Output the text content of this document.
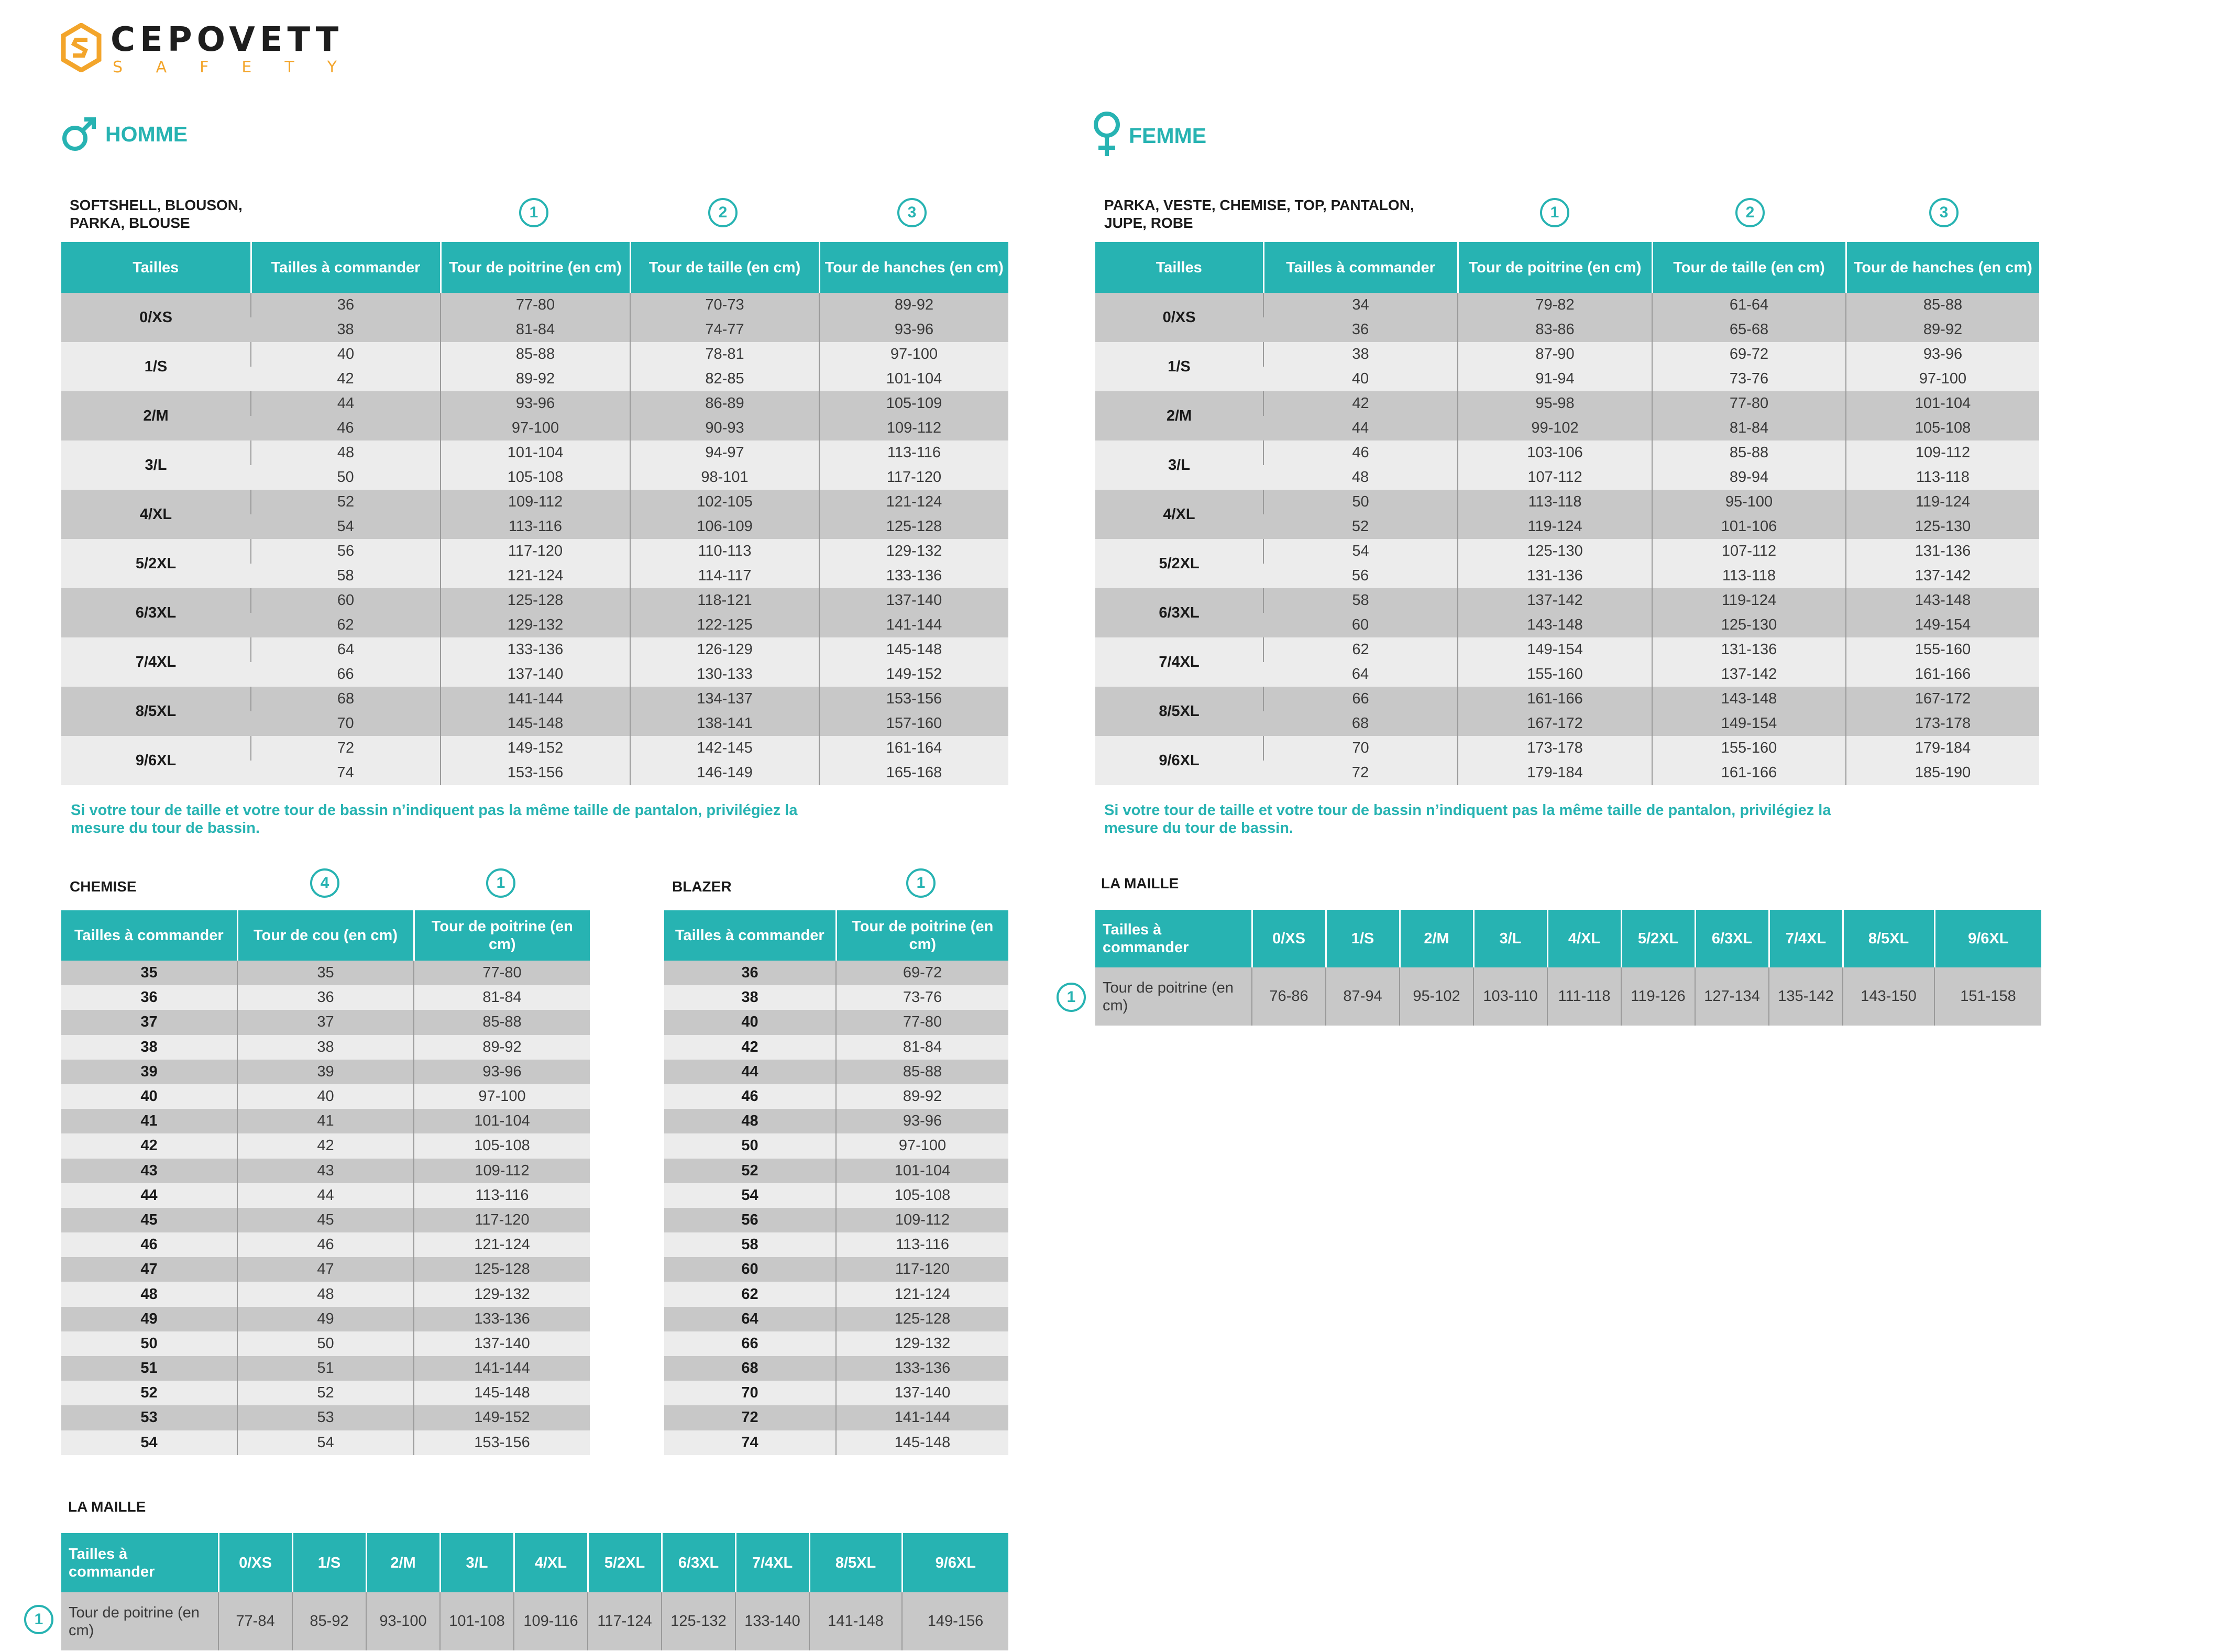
CEPOVETT
SAFETY
HOMME	FEMME
SOFTSHELL, BLOUSON, PARKA, BLOUSE
1	2	3
Tailles	Tailles à commander	Tour de poitrine (en cm)	Tour de taille (en cm)	Tour de hanches (en cm)
0/XS	36	77-80	70-73	89-92
	38	81-84	74-77	93-96
1/S	40	85-88	78-81	97-100
	42	89-92	82-85	101-104
2/M	44	93-96	86-89	105-109
	46	97-100	90-93	109-112
3/L	48	101-104	94-97	113-116
	50	105-108	98-101	117-120
4/XL	52	109-112	102-105	121-124
	54	113-116	106-109	125-128
5/2XL	56	117-120	110-113	129-132
	58	121-124	114-117	133-136
6/3XL	60	125-128	118-121	137-140
	62	129-132	122-125	141-144
7/4XL	64	133-136	126-129	145-148
	66	137-140	130-133	149-152
8/5XL	68	141-144	134-137	153-156
	70	145-148	138-141	157-160
9/6XL	72	149-152	142-145	161-164
	74	153-156	146-149	165-168
Si votre tour de taille et votre tour de bassin n’indiquent pas la même taille de pantalon, privilégiez la mesure du tour de bassin.
PARKA, VESTE, CHEMISE, TOP, PANTALON, JUPE, ROBE
1	2	3
Tailles	Tailles à commander	Tour de poitrine (en cm)	Tour de taille (en cm)	Tour de hanches (en cm)
0/XS	34	79-82	61-64	85-88
	36	83-86	65-68	89-92
1/S	38	87-90	69-72	93-96
	40	91-94	73-76	97-100
2/M	42	95-98	77-80	101-104
	44	99-102	81-84	105-108
3/L	46	103-106	85-88	109-112
	48	107-112	89-94	113-118
4/XL	50	113-118	95-100	119-124
	52	119-124	101-106	125-130
5/2XL	54	125-130	107-112	131-136
	56	131-136	113-118	137-142
6/3XL	58	137-142	119-124	143-148
	60	143-148	125-130	149-154
7/4XL	62	149-154	131-136	155-160
	64	155-160	137-142	161-166
8/5XL	66	161-166	143-148	167-172
	68	167-172	149-154	173-178
9/6XL	70	173-178	155-160	179-184
	72	179-184	161-166	185-190
Si votre tour de taille et votre tour de bassin n’indiquent pas la même taille de pantalon, privilégiez la mesure du tour de bassin.
CHEMISE	4	1
Tailles à commander	Tour de cou (en cm)	Tour de poitrine (en cm)
35	35	77-80
36	36	81-84
37	37	85-88
38	38	89-92
39	39	93-96
40	40	97-100
41	41	101-104
42	42	105-108
43	43	109-112
44	44	113-116
45	45	117-120
46	46	121-124
47	47	125-128
48	48	129-132
49	49	133-136
50	50	137-140
51	51	141-144
52	52	145-148
53	53	149-152
54	54	153-156
BLAZER	1
Tailles à commander	Tour de poitrine (en cm)
36	69-72
38	73-76
40	77-80
42	81-84
44	85-88
46	89-92
48	93-96
50	97-100
52	101-104
54	105-108
56	109-112
58	113-116
60	117-120
62	121-124
64	125-128
66	129-132
68	133-136
70	137-140
72	141-144
74	145-148
LA MAILLE
1
Tailles à commander	0/XS	1/S	2/M	3/L	4/XL	5/2XL	6/3XL	7/4XL	8/5XL	9/6XL
Tour de poitrine (en cm)	77-84	85-92	93-100	101-108	109-116	117-124	125-132	133-140	141-148	149-156
LA MAILLE
1
Tailles à commander	0/XS	1/S	2/M	3/L	4/XL	5/2XL	6/3XL	7/4XL	8/5XL	9/6XL
Tour de poitrine (en cm)	76-86	87-94	95-102	103-110	111-118	119-126	127-134	135-142	143-150	151-158
